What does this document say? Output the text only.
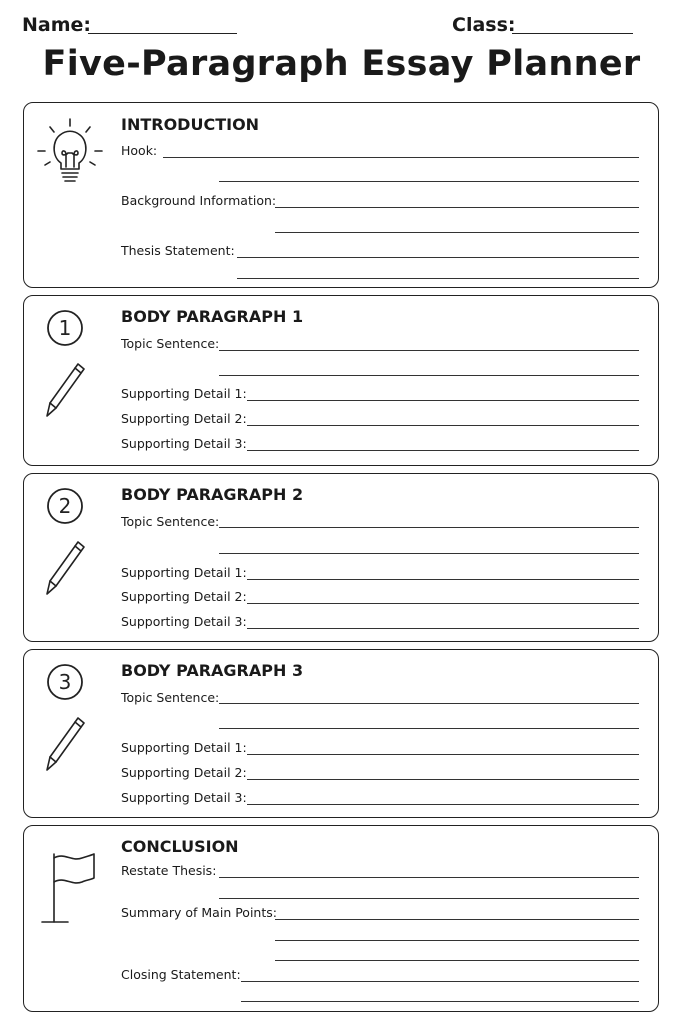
Name:	Class:
Five-Paragraph Essay Planner
INTRODUCTION
Hook:
Background Information:
Thesis Statement:
1	BODY PARAGRAPH 1
Topic Sentence:
Supporting Detail 1:
Supporting Detail 2:
Supporting Detail 3:
2	BODY PARAGRAPH 2
Topic Sentence:
Supporting Detail 1:
Supporting Detail 2:
Supporting Detail 3:
3	BODY PARAGRAPH 3
Topic Sentence:
Supporting Detail 1:
Supporting Detail 2:
Supporting Detail 3:
CONCLUSION
Restate Thesis:
Summary of Main Points:
Closing Statement:
